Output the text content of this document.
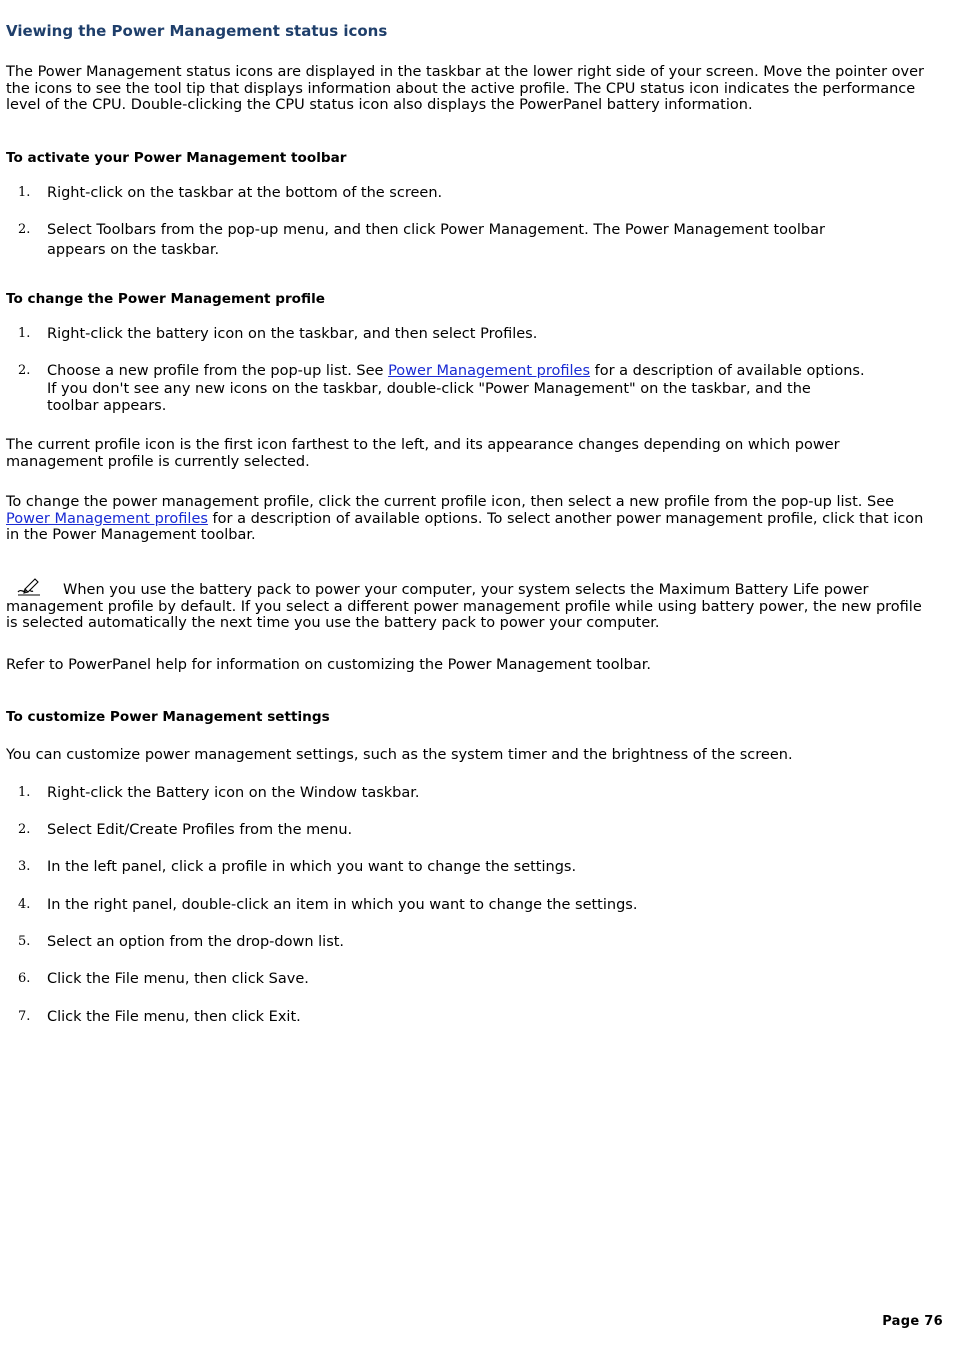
Viewing the Power Management status icons

The Power Management status icons are displayed in the taskbar at the lower right side of your screen. Move the pointer over the icons to see the tool tip that displays information about the active profile. The CPU status icon indicates the performance level of the CPU. Double-clicking the CPU status icon also displays the PowerPanel battery information.

To activate your Power Management toolbar

1. Right-click on the taskbar at the bottom of the screen.
2. Select Toolbars from the pop-up menu, and then click Power Management. The Power Management toolbar
appears on the taskbar.

To change the Power Management profile

1. Right-click the battery icon on the taskbar, and then select Profiles.
2. Choose a new profile from the pop-up list. See Power Management profiles for a description of available options.
If you don't see any new icons on the taskbar, double-click "Power Management" on the taskbar, and the
toolbar appears.

The current profile icon is the first icon farthest to the left, and its appearance changes depending on which power management profile is currently selected.

To change the power management profile, click the current profile icon, then select a new profile from the pop-up list. See Power Management profiles for a description of available options. To select another power management profile, click that icon in the Power Management toolbar.

When you use the battery pack to power your computer, your system selects the Maximum Battery Life power management profile by default. If you select a different power management profile while using battery power, the new profile is selected automatically the next time you use the battery pack to power your computer.

Refer to PowerPanel help for information on customizing the Power Management toolbar.

To customize Power Management settings

You can customize power management settings, such as the system timer and the brightness of the screen.

1. Right-click the Battery icon on the Window taskbar.
2. Select Edit/Create Profiles from the menu.
3. In the left panel, click a profile in which you want to change the settings.
4. In the right panel, double-click an item in which you want to change the settings.
5. Select an option from the drop-down list.
6. Click the File menu, then click Save.
7. Click the File menu, then click Exit.
Page 76
